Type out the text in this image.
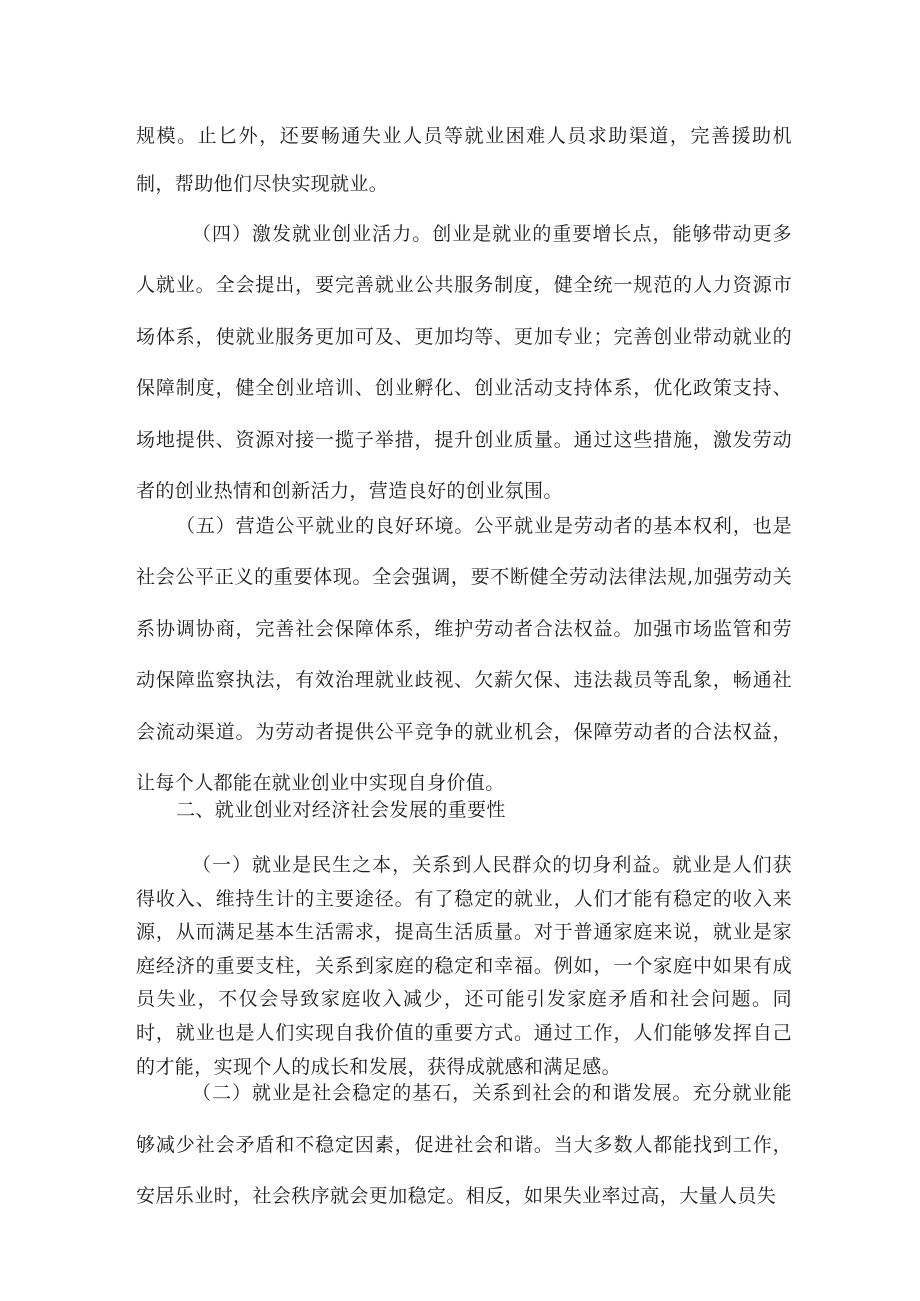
规模。止匕外，还要畅通失业人员等就业困难人员求助渠道，完善援助机制，帮助他们尽快实现就业。

（四）激发就业创业活力。创业是就业的重要增长点，能够带动更多人就业。全会提出，要完善就业公共服务制度，健全统一规范的人力资源市场体系，使就业服务更加可及、更加均等、更加专业；完善创业带动就业的保障制度，健全创业培训、创业孵化、创业活动支持体系，优化政策支持、场地提供、资源对接一揽子举措，提升创业质量。通过这些措施，激发劳动者的创业热情和创新活力，营造良好的创业氛围。

（五）营造公平就业的良好环境。公平就业是劳动者的基本权利，也是社会公平正义的重要体现。全会强调，要不断健全劳动法律法规,加强劳动关系协调协商，完善社会保障体系，维护劳动者合法权益。加强市场监管和劳动保障监察执法，有效治理就业歧视、欠薪欠保、违法裁员等乱象，畅通社会流动渠道。为劳动者提供公平竞争的就业机会，保障劳动者的合法权益，让每个人都能在就业创业中实现自身价值。

二、就业创业对经济社会发展的重要性

（一）就业是民生之本，关系到人民群众的切身利益。就业是人们获得收入、维持生计的主要途径。有了稳定的就业，人们才能有稳定的收入来源，从而满足基本生活需求，提高生活质量。对于普通家庭来说，就业是家庭经济的重要支柱，关系到家庭的稳定和幸福。例如，一个家庭中如果有成员失业，不仅会导致家庭收入减少，还可能引发家庭矛盾和社会问题。同时，就业也是人们实现自我价值的重要方式。通过工作，人们能够发挥自己的才能，实现个人的成长和发展，获得成就感和满足感。

（二）就业是社会稳定的基石，关系到社会的和谐发展。充分就业能够减少社会矛盾和不稳定因素，促进社会和谐。当大多数人都能找到工作，安居乐业时，社会秩序就会更加稳定。相反，如果失业率过高，大量人员失
